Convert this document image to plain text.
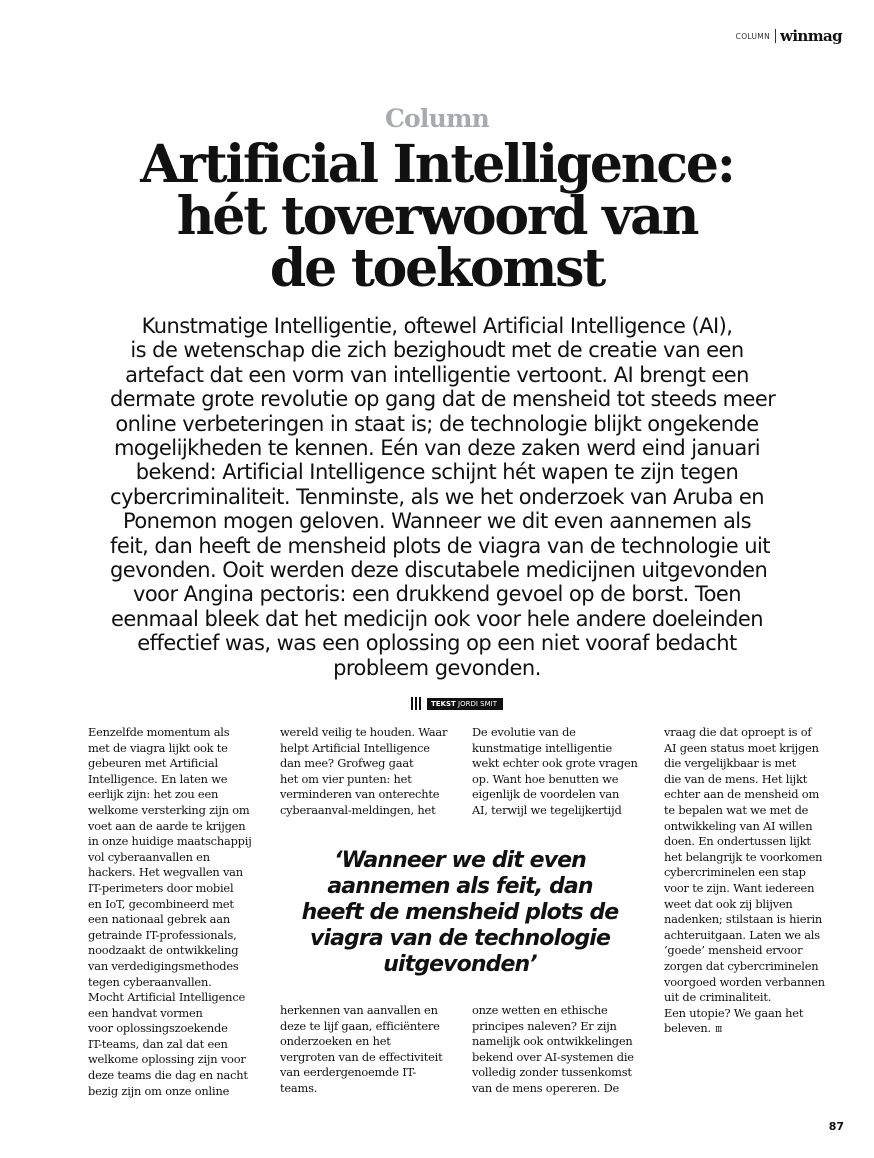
COLUMN winmag
Column
Artificial Intelligence:
hét toverwoord van
de toekomst
Kunstmatige Intelligentie, oftewel Artificial Intelligence (AI),
is de wetenschap die zich bezighoudt met de creatie van een
artefact dat een vorm van intelligentie vertoont. AI brengt een
dermate grote revolutie op gang dat de mensheid tot steeds meer
online verbeteringen in staat is; de technologie blijkt ongekende
mogelijkheden te kennen. Eén van deze zaken werd eind januari
bekend: Artificial Intelligence schijnt hét wapen te zijn tegen
cybercriminaliteit. Tenminste, als we het onderzoek van Aruba en
Ponemon mogen geloven. Wanneer we dit even aannemen als
feit, dan heeft de mensheid plots de viagra van de technologie uit
gevonden. Ooit werden deze discutabele medicijnen uitgevonden
voor Angina pectoris: een drukkend gevoel op de borst. Toen
eenmaal bleek dat het medicijn ook voor hele andere doeleinden
effectief was, was een oplossing op een niet vooraf bedacht
probleem gevonden.
TEKST JORDI SMIT
Eenzelfde momentum als
met de viagra lijkt ook te
gebeuren met Artificial
Intelligence. En laten we
eerlijk zijn: het zou een
welkome versterking zijn om
voet aan de aarde te krijgen
in onze huidige maatschappij
vol cyberaanvallen en
hackers. Het wegvallen van
IT-perimeters door mobiel
en IoT, gecombineerd met
een nationaal gebrek aan
getrainde IT-professionals,
noodzaakt de ontwikkeling
van verdedigingsmethodes
tegen cyberaanvallen.
Mocht Artificial Intelligence
een handvat vormen
voor oplossingszoekende
IT-teams, dan zal dat een
welkome oplossing zijn voor
deze teams die dag en nacht
bezig zijn om onze online
wereld veilig te houden. Waar
helpt Artificial Intelligence
dan mee? Grofweg gaat
het om vier punten: het
verminderen van onterechte
cyberaanval-meldingen, het
De evolutie van de
kunstmatige intelligentie
wekt echter ook grote vragen
op. Want hoe benutten we
eigenlijk de voordelen van
AI, terwijl we tegelijkertijd
‘Wanneer we dit even
aannemen als feit, dan
heeft de mensheid plots de
viagra van de technologie
uitgevonden’
herkennen van aanvallen en
deze te lijf gaan, efficiëntere
onderzoeken en het
vergroten van de effectiviteit
van eerdergenoemde IT-
teams.
onze wetten en ethische
principes naleven? Er zijn
namelijk ook ontwikkelingen
bekend over AI-systemen die
volledig zonder tussenkomst
van de mens opereren. De
vraag die dat oproept is of
AI geen status moet krijgen
die vergelijkbaar is met
die van de mens. Het lijkt
echter aan de mensheid om
te bepalen wat we met de
ontwikkeling van AI willen
doen. En ondertussen lijkt
het belangrijk te voorkomen
cybercriminelen een stap
voor te zijn. Want iedereen
weet dat ook zij blijven
nadenken; stilstaan is hierin
achteruitgaan. Laten we als
‘goede’ mensheid ervoor
zorgen dat cybercriminelen
voorgoed worden verbannen
uit de criminaliteit.
Een utopie? We gaan het
beleven. III
87
